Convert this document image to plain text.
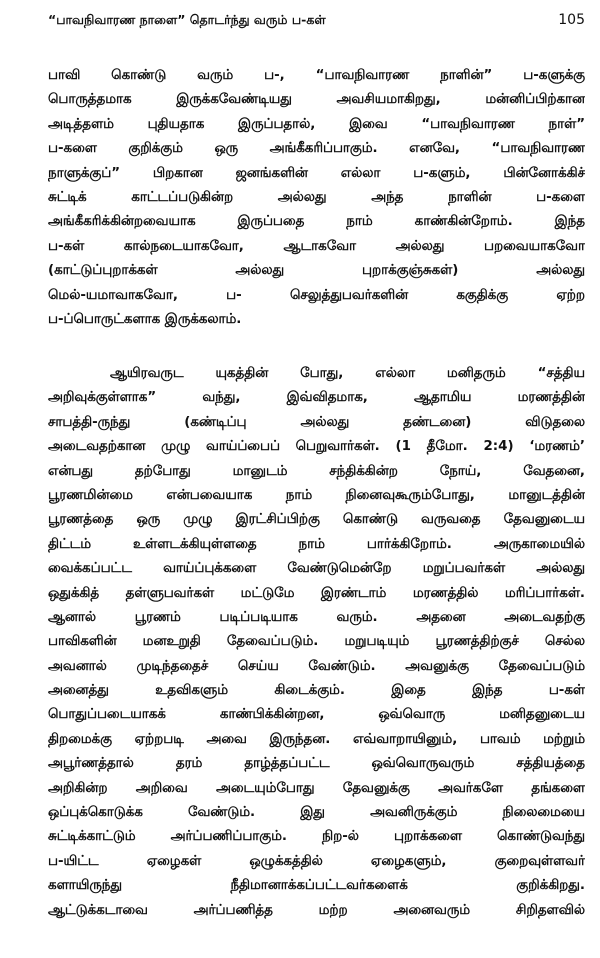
“பாவநிவாரண நாளை” தொடர்ந்து வரும் ப-கள்	105
பாவி கொண்டு வரும் ப-, “பாவநிவாரண நாளின்” ப-களுக்கு
பொருத்தமாக இருக்கவேண்டியது அவசியமாகிறது, மன்னிப்பிற்கான
அடித்தளம் புதியதாக இருப்பதால், இவை “பாவநிவாரண நாள்”
ப-களை குறிக்கும் ஒரு அங்கீகரிப்பாகும். எனவே, “பாவநிவாரண
நாளுக்குப்” பிறகான ஜனங்களின் எல்லா ப-களும், பின்னோக்கிச்
சுட்டிக் காட்டப்படுகின்ற அல்லது அந்த நாளின் ப-களை
அங்கீகரிக்கின்றவையாக இருப்பதை நாம் காண்கின்றோம். இந்த
ப-கள் கால்நடையாகவோ, ஆடாகவோ அல்லது பறவையாகவோ
(காட்டுப்புறாக்கள் அல்லது புறாக்குஞ்சுகள்) அல்லது
மெல்-யமாவாகவோ, ப- செலுத்துபவர்களின் ககுதிக்கு ஏற்ற
ப-ப்பொருட்களாக இருக்கலாம்.
ஆயிரவருட யுகத்தின் போது, எல்லா மனிதரும் “சத்திய
அறிவுக்குள்ளாக” வந்து, இவ்விதமாக, ஆதாமிய மரணத்தின்
சாபத்தி-ருந்து (கண்டிப்பு அல்லது தண்டனை) விடுதலை
அடைவதற்கான முழு வாய்ப்பைப் பெறுவார்கள். (1 தீமோ. 2:4) ‘மரணம்’
என்பது தற்போது மானுடம் சந்திக்கின்ற நோய், வேதனை,
பூரணமின்மை என்பவையாக நாம் நினைவுகூரும்போது, மானுடத்தின்
பூரணத்தை ஒரு முழு இரட்சிப்பிற்கு கொண்டு வருவதை தேவனுடைய
திட்டம் உள்ளடக்கியுள்ளதை நாம் பார்க்கிறோம். அருகாமையில்
வைக்கப்பட்ட வாய்ப்புக்களை வேண்டுமென்றே மறுப்பவர்கள் அல்லது
ஒதுக்கித் தள்ளுபவர்கள் மட்டுமே இரண்டாம் மரணத்தில் மரிப்பார்கள்.
ஆனால் பூரணம் படிப்படியாக வரும். அதனை அடைவதற்கு
பாவிகளின் மனஉறுதி தேவைப்படும். மறுபடியும் பூரணத்திற்குச் செல்ல
அவனால் முடிந்ததைச் செய்ய வேண்டும். அவனுக்கு தேவைப்படும்
அனைத்து உதவிகளும் கிடைக்கும். இதை இந்த ப-கள்
பொதுப்படையாகக் காண்பிக்கின்றன, ஒவ்வொரு மனிதனுடைய
திறமைக்கு ஏற்றபடி அவை இருந்தன. எவ்வாறாயினும், பாவம் மற்றும்
அபூர்ணத்தால் தரம் தாழ்த்தப்பட்ட ஒவ்வொருவரும் சத்தியத்தை
அறிகின்ற அறிவை அடையும்போது தேவனுக்கு அவர்களே தங்களை
ஒப்புக்கொடுக்க வேண்டும். இது அவனிருக்கும் நிலைமையை
சுட்டிக்காட்டும் அர்ப்பணிப்பாகும். நிற-ல் புறாக்களை கொண்டுவந்து
ப-யிட்ட ஏழைகள் ஒழுக்கத்தில் ஏழைகளும், குறைவுள்ளவர்
களாயிருந்து நீதிமானாக்கப்பட்டவர்களைக் குறிக்கிறது.
ஆட்டுக்கடாவை அர்ப்பணித்த மற்ற அனைவரும் சிறிதளவில்
